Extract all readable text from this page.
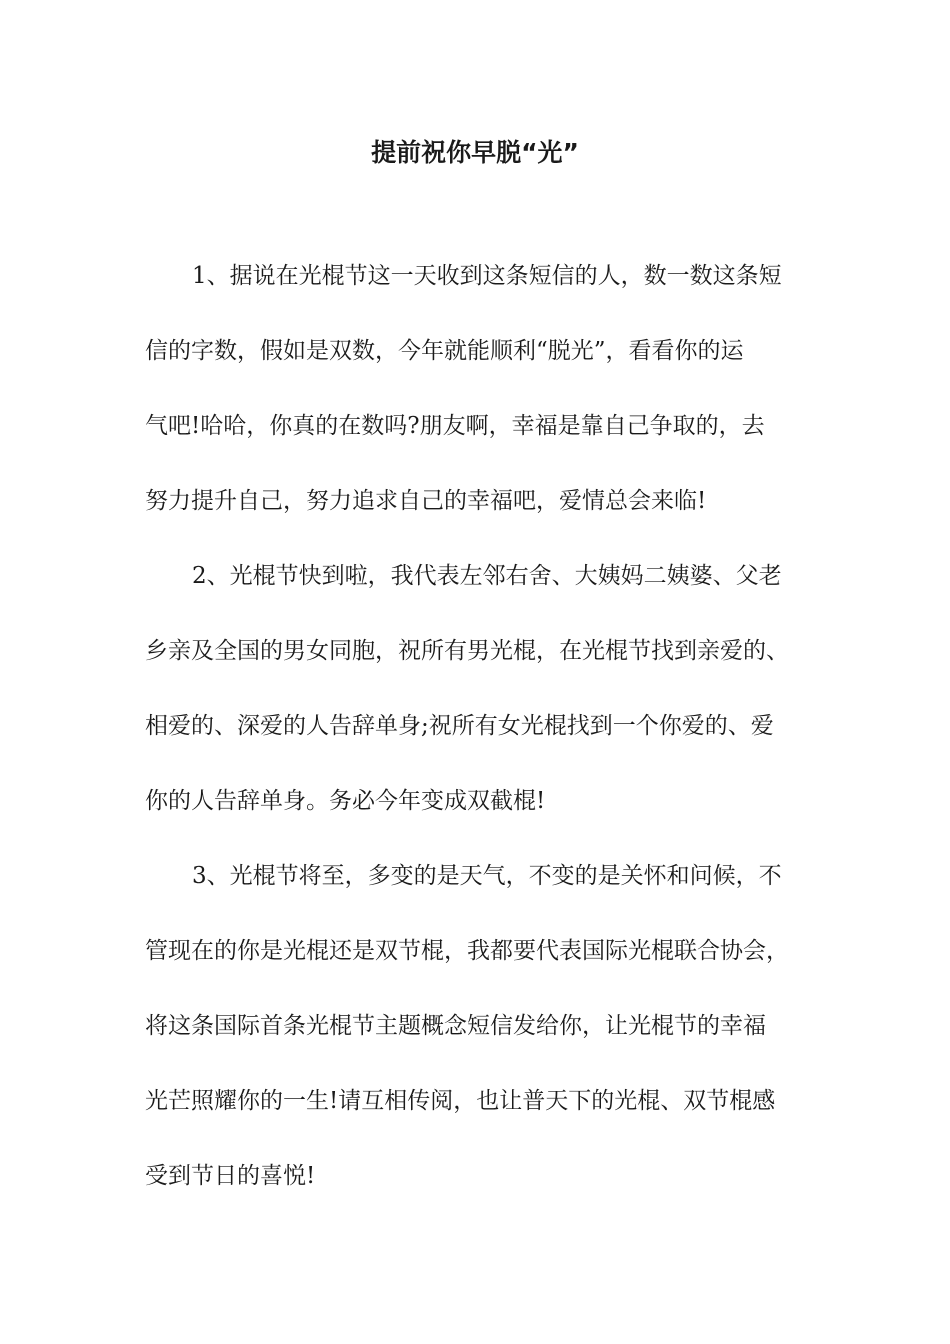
提前祝你早脱“光”
1、据说在光棍节这一天收到这条短信的人，数一数这条短
信的字数，假如是双数，今年就能顺利“脱光”，看看你的运
气吧!哈哈，你真的在数吗?朋友啊，幸福是靠自己争取的，去
努力提升自己，努力追求自己的幸福吧，爱情总会来临!
2、光棍节快到啦，我代表左邻右舍、大姨妈二姨婆、父老
乡亲及全国的男女同胞，祝所有男光棍，在光棍节找到亲爱的、
相爱的、深爱的人告辞单身;祝所有女光棍找到一个你爱的、爱
你的人告辞单身。务必今年变成双截棍!
3、光棍节将至，多变的是天气，不变的是关怀和问候，不
管现在的你是光棍还是双节棍，我都要代表国际光棍联合协会，
将这条国际首条光棍节主题概念短信发给你，让光棍节的幸福
光芒照耀你的一生!请互相传阅，也让普天下的光棍、双节棍感
受到节日的喜悦!
